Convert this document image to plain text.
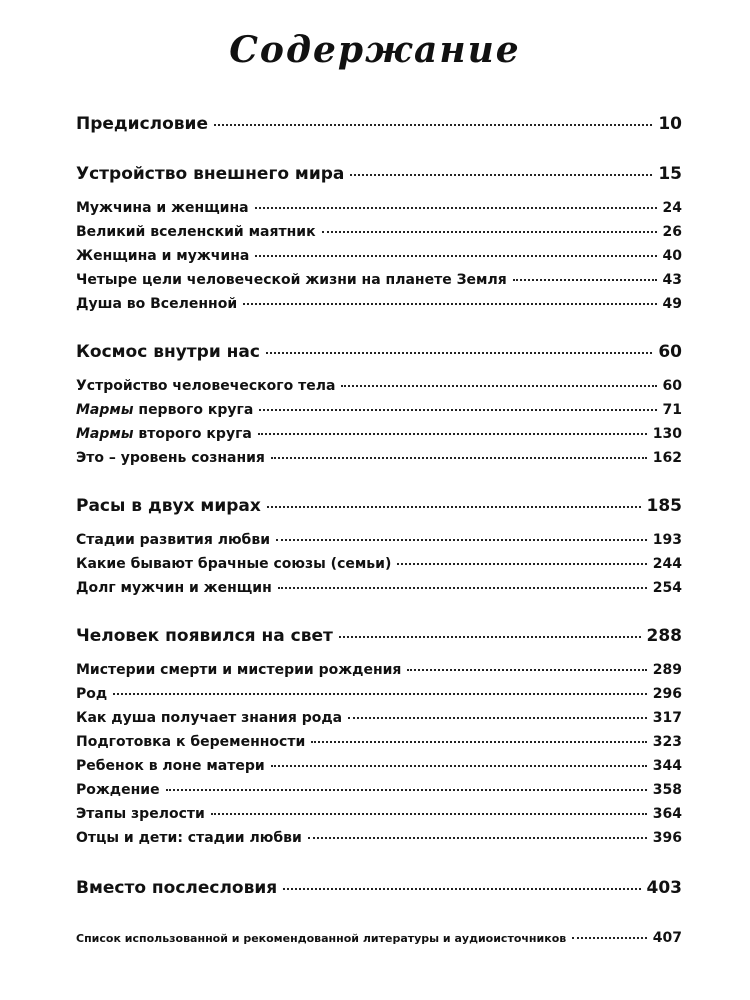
Содержание
Предисловие	10
Устройство внешнего мира	15
Мужчина и женщина	24
Великий вселенский маятник	26
Женщина и мужчина	40
Четыре цели человеческой жизни на планете Земля	43
Душа во Вселенной	49
Космос внутри нас	60
Устройство человеческого тела	60
Мармы первого круга	71
Мармы второго круга	130
Это – уровень сознания	162
Расы в двух мирах	185
Стадии развития любви	193
Какие бывают брачные союзы (семьи)	244
Долг мужчин и женщин	254
Человек появился на свет	288
Мистерии смерти и мистерии рождения	289
Род	296
Как душа получает знания рода	317
Подготовка к беременности	323
Ребенок в лоне матери	344
Рождение	358
Этапы зрелости	364
Отцы и дети: стадии любви	396
Вместо послесловия	403
Список использованной и рекомендованной литературы и аудиоисточников	407
